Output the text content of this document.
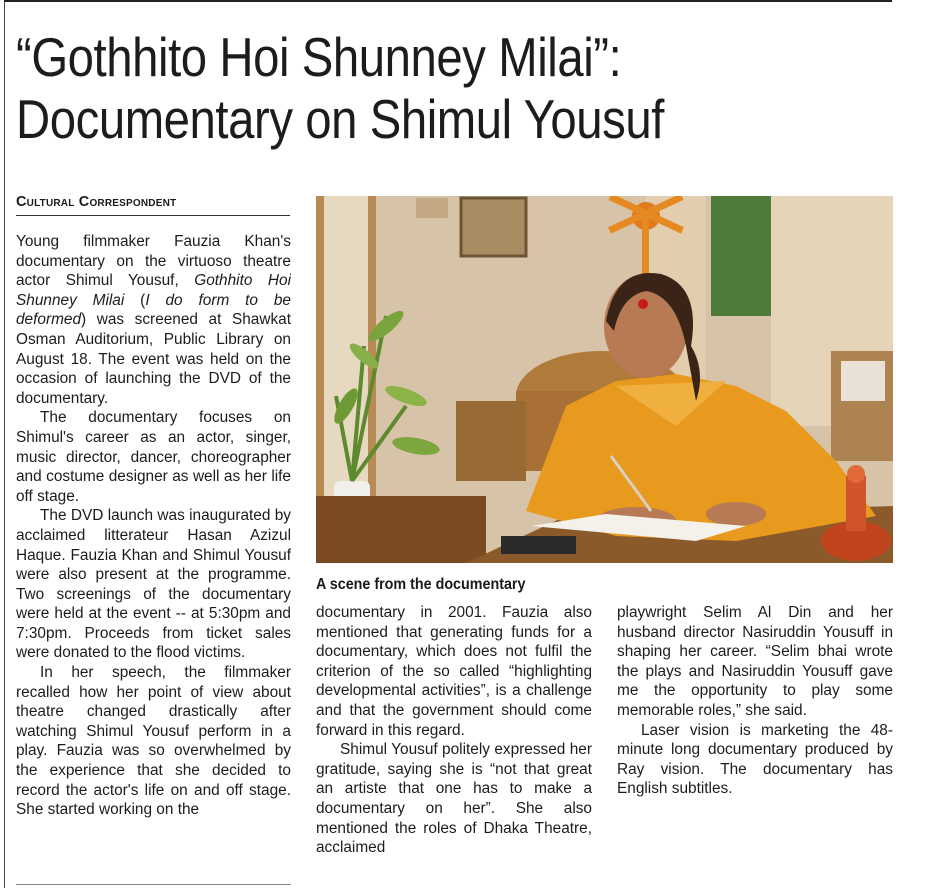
“Gothhito Hoi Shunney Milai”:
Documentary on Shimul Yousuf
Cultural Correspondent

Young filmmaker Fauzia Khan's documentary on the virtuoso theatre actor Shimul Yousuf, Gothhito Hoi Shunney Milai (I do form to be deformed) was screened at Shawkat Osman Auditorium, Public Library on August 18. The event was held on the occasion of launching the DVD of the documentary.

The documentary focuses on Shimul's career as an actor, singer, music director, dancer, choreographer and costume designer as well as her life off stage.

The DVD launch was inaugurated by acclaimed litterateur Hasan Azizul Haque. Fauzia Khan and Shimul Yousuf were also present at the programme. Two screenings of the documentary were held at the event -- at 5:30pm and 7:30pm. Proceeds from ticket sales were donated to the flood victims.

In her speech, the filmmaker recalled how her point of view about theatre changed drastically after watching Shimul Yousuf perform in a play. Fauzia was so overwhelmed by the experience that she decided to record the actor's life on and off stage. She started working on the

A scene from the documentary

documentary in 2001. Fauzia also mentioned that generating funds for a documentary, which does not fulfil the criterion of the so called “highlighting developmental activities”, is a challenge and that the government should come forward in this regard.

Shimul Yousuf politely expressed her gratitude, saying she is “not that great an artiste that one has to make a documentary on her”. She also mentioned the roles of Dhaka Theatre, acclaimed

playwright Selim Al Din and her husband director Nasiruddin Yousuff in shaping her career. “Selim bhai wrote the plays and Nasiruddin Yousuff gave me the opportunity to play some memorable roles,” she said.

Laser vision is marketing the 48-minute long documentary produced by Ray vision. The documentary has English subtitles.
